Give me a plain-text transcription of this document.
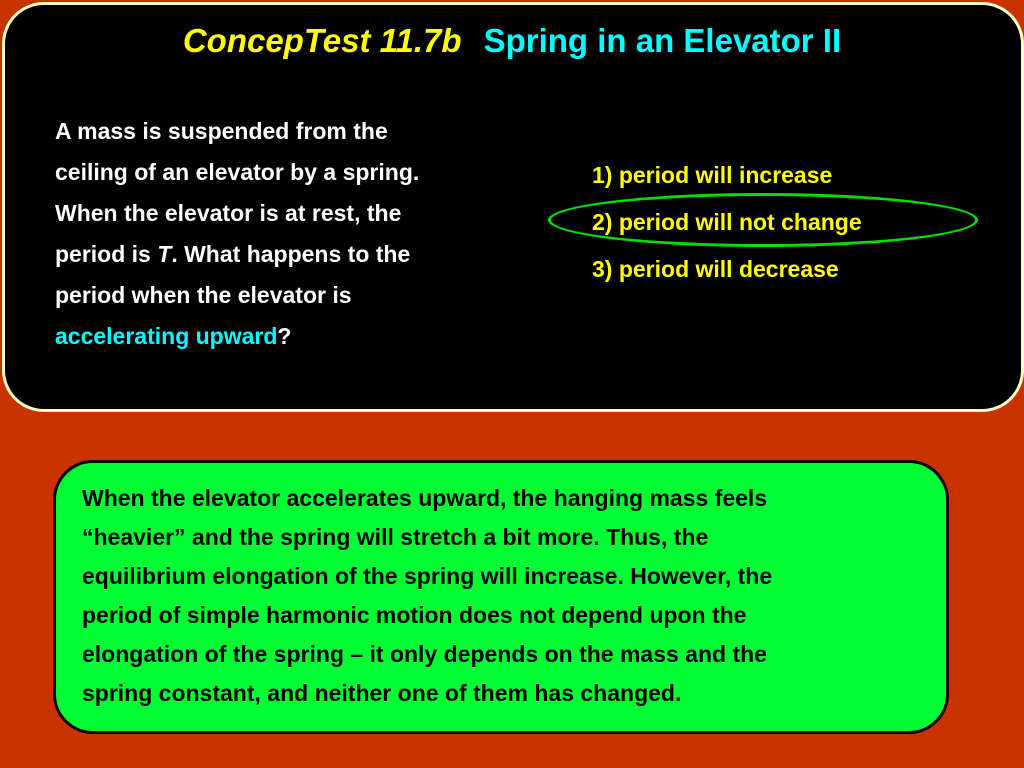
ConcepTest 11.7b Spring in an Elevator II
A mass is suspended from the
ceiling of an elevator by a spring.
When the elevator is at rest, the
period is T. What happens to the
period when the elevator is
accelerating upward?
1) period will increase
2) period will not change
3) period will decrease
When the elevator accelerates upward, the hanging mass feels
“heavier” and the spring will stretch a bit more. Thus, the
equilibrium elongation of the spring will increase. However, the
period of simple harmonic motion does not depend upon the
elongation of the spring – it only depends on the mass and the
spring constant, and neither one of them has changed.
